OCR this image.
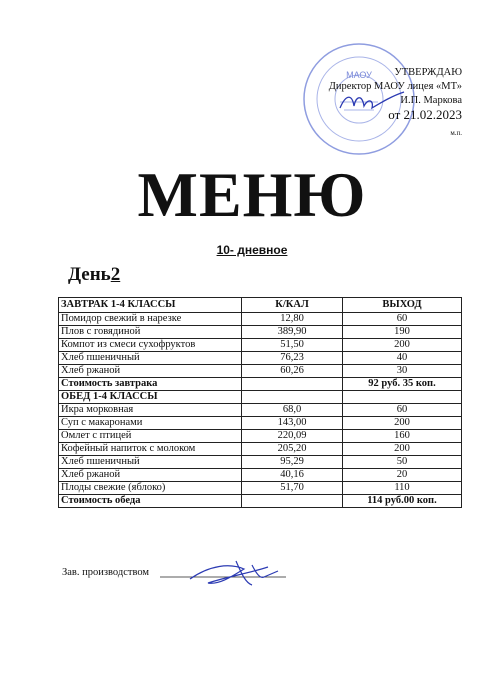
МАОУ	УТВЕРЖДАЮ
Директор МАОУ лицея «МТ»
И.П. Маркова
от 21.02.2023
м.п.
МЕНЮ
10- дневное
День2
ЗАВТРАК 1-4 КЛАССЫ	К/КАЛ	ВЫХОД
Помидор свежий в нарезке	12,80	60
Плов с говядиной	389,90	190
Компот из смеси сухофруктов	51,50	200
Хлеб пшеничный	76,23	40
Хлеб ржаной	60,26	30
Стоимость завтрака		92 руб. 35 коп.
ОБЕД 1-4 КЛАССЫ		
Икра морковная	68,0	60
Суп с макаронами	143,00	200
Омлет с птицей	220,09	160
Кофейный напиток с молоком	205,20	200
Хлеб пшеничный	95,29	50
Хлеб ржаной	40,16	20
Плоды свежие (яблоко)	51,70	110
Стоимость обеда		114 руб.00 коп.
Зав. производством
